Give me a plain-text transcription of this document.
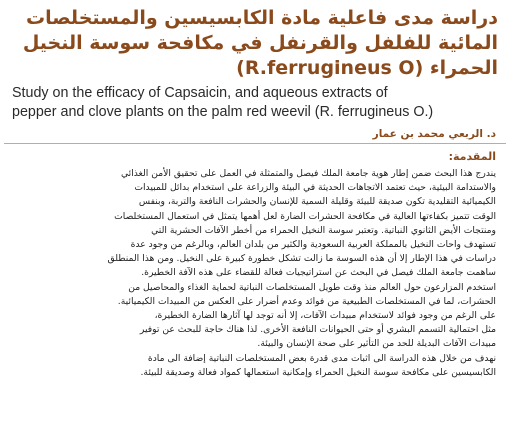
دراسة مدى فاعلية مادة الكابسيسين والمستخلصات
المائية للفلفل والقرنفل في مكافحة سوسة النخيل
الحمراء (R.ferrugineus O)
Study on the efficacy of Capsaicin, and aqueous extracts of
pepper and clove plants on the palm red weevil (R. ferrugineus O.)
د. الربعي محمد بن عمار
المقدمة:
يندرج هذا البحث ضمن إطار هوية جامعة الملك فيصل والمتمثلة في العمل على تحقيق الأمن الغذائي
والاستدامة البيئية، حيث تعتمد الاتجاهات الحديثة في البيئة والزراعة على استخدام بدائل للمبيدات
الكيميائية التقليدية تكون صديقة للبيئة وقليلة السمية للإنسان والحشرات النافعة والتربة، وبنفس
الوقت تتميز بكفاءتها العالية في مكافحة الحشرات الضارة لعل أهمها يتمثل في استعمال المستخلصات
ومنتجات الأيض الثانوي النباتية. وتعتبر سوسة النخيل الحمراء من أخطر الآفات الحشرية التي
تستهدف واحات النخيل بالمملكة العربية السعودية والكثير من بلدان العالم، وبالرغم من وجود عدة
دراسات في هذا الإطار إلا أن هذه السوسة ما زالت تشكل خطورة كبيرة على النخيل. ومن هذا المنطلق
ساهمت جامعة الملك فيصل في البحث عن استراتيجيات فعالة للقضاء على هذه الآفة الخطيرة.
استخدم المزارعون حول العالم منذ وقت طويل المستخلصات النباتية لحماية الغذاء والمحاصيل من
الحشرات، لما في المستخلصات الطبيعية من فوائد وعدم أضرار على العكس من المبيدات الكيميائية.
على الرغم من وجود فوائد لاستخدام مبيدات الآفات، إلا أنه توجد لها آثارها الضارة الخطيرة،
مثل احتمالية التسمم البشري أو حتى الحيوانات النافعة الأخرى. لذا هناك حاجة للبحث عن توفير
مبيدات الآفات البديلة للحد من التأثير على صحة الإنسان والبيئة.
نهدف من خلال هذه الدراسة الى اثبات مدى قدرة بعض المستخلصات النباتية إضافة الى مادة
الكابسيسين على مكافحة سوسة النخيل الحمراء وإمكانية استعمالها كمواد فعالة وصديقة للبيئة.
